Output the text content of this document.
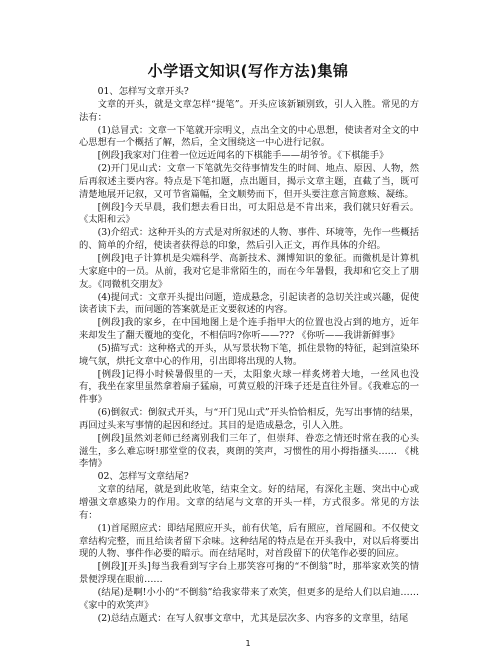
小学语文知识(写作方法)集锦

01、怎样写文章开头?

文章的开头，就是文章怎样“提笔”。开头应该新颖别致，引人入胜。常见的方法有：

(1)总冒式：文章一下笔就开宗明义，点出全文的中心思想，使读者对全文的中心思想有一个概括了解，然后，全文围绕这一中心进行记叙。

[例段]我家对门住着一位远近闻名的下棋能手——胡爷爷。《下棋能手》

(2)开门见山式：文章一下笔就先交待事情发生的时间、地点、原因、人物，然后再叙述主要内容。特点是下笔扣题，点出题目，揭示文章主题，直截了当，既可清楚地展开记叙，又可节省篇幅，全文顺势而下，但开头要注意言简意赅、凝练。

[例段]今天早晨，我们想去看日出，可太阳总是不肯出来，我们就只好看云。《太阳和云》

(3)介绍式：这种开头的方式是对所叙述的人物、事件、环境等，先作一些概括的、简单的介绍，使读者获得总的印象，然后引入正文，再作具体的介绍。

[例段]电子计算机是尖端科学、高新技术、渊博知识的象征。而微机是计算机大家庭中的一员。从前，我对它是非常陌生的，而在今年暑假，我却和它交上了朋友。《同微机交朋友》

(4)提问式：文章开头提出问题，造成悬念，引起读者的急切关注或兴趣，促使读者读下去，而问题的答案就是正文要叙述的内容。

[例段]我的家乡，在中国地图上是个连手指甲大的位置也没占到的地方，近年来却发生了翻天覆地的变化，不相信吗?你听——??? 《你听——我讲新鲜事》

(5)描写式：这种格式的开头，从写景状物下笔，抓住景物的特征，起到渲染环境气氛，烘托文章中心的作用，引出即将出现的人物。

[例段]记得小时候暑假里的一天，太阳象火球一样炙烤着大地，一丝风也没有，我坐在家里虽然拿着扇子猛扇，可黄豆般的汗珠子还是直往外冒。《我难忘的一件事》

(6)倒叙式：倒叙式开头，与“开门见山式”开头恰恰相反，先写出事情的结果，再回过头来写事情的起因和经过。其目的是造成悬念，引人入胜。

[例段]虽然刘老师已经离别我们三年了，但崇拜、眷恋之情还时常在我的心头滋生，多么难忘呀!那堂堂的仪表，爽朗的笑声，习惯性的用小拇指搔头…… 《桃李情》

02、怎样写文章结尾?

文章的结尾，就是到此收笔，结束全文。好的结尾，有深化主题、突出中心或增强文章感染力的作用。文章的结尾与文章的开头一样，方式很多。常见的方法有：

(1)首尾照应式：即结尾照应开头，前有伏笔，后有照应，首尾圆和。不仅使文章结构完整，而且给读者留下余味。这种结尾的特点是在开头我中，对以后将要出现的人物、事件作必要的暗示。而在结尾时，对首段留下的伏笔作必要的回应。

[例段][开头]每当我看到写字台上那笑容可掬的“不倒翁”时，那举家欢笑的情景便浮现在眼前……

(结尾)是啊!小小的“不倒翁”给我家带来了欢笑，但更多的是给人们以启迪……《家中的欢笑声》

(2)总结点题式：在写人叙事文章中，尤其是层次多、内容多的文章里，结尾

1
